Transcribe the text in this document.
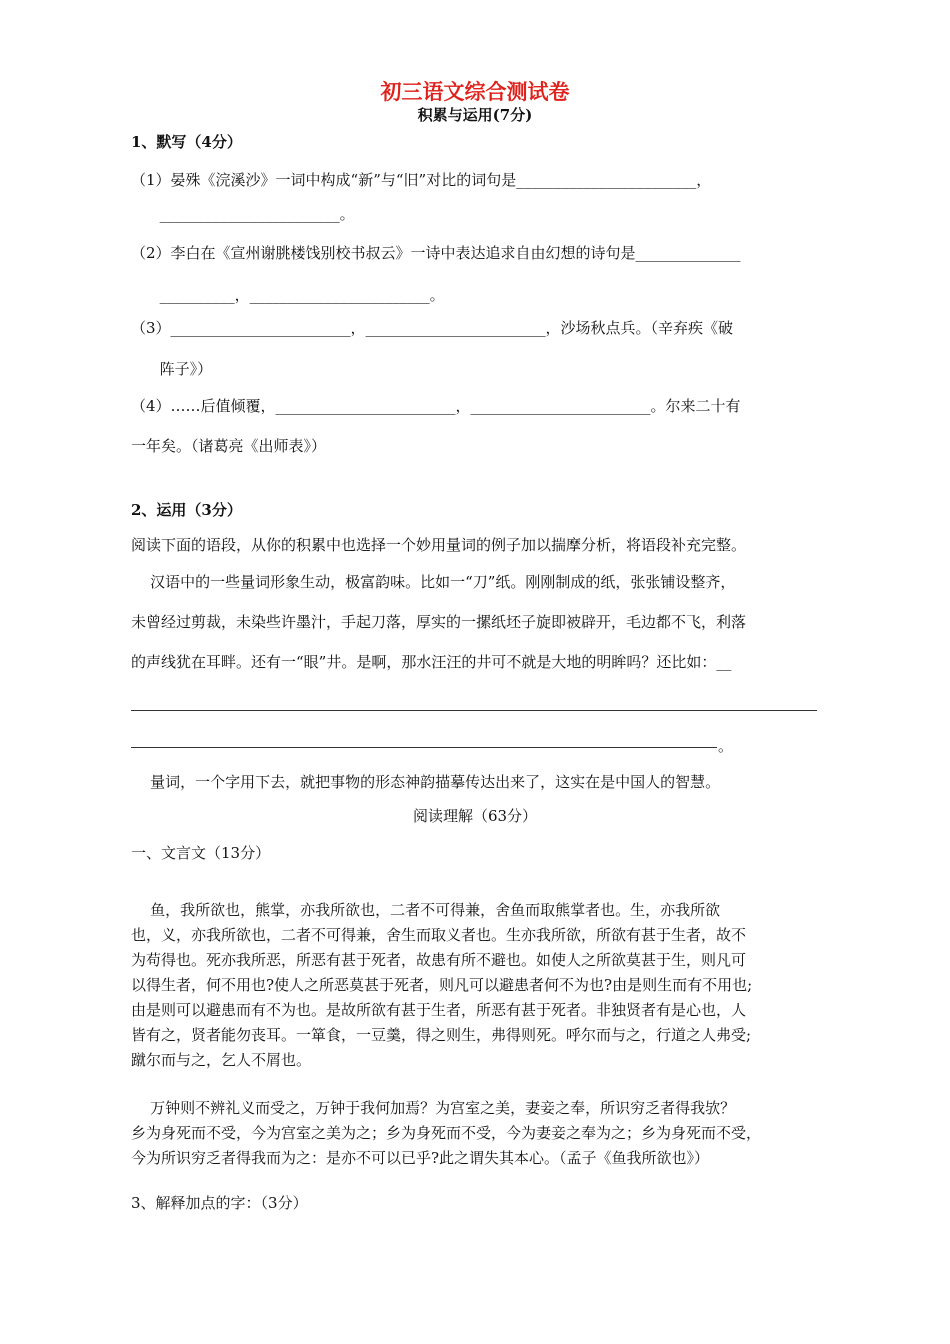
初三语文综合测试卷
积累与运用(7分)
1、默写（4分）
（1）晏殊《浣溪沙》一词中构成“新”与“旧”对比的词句是________________________，
________________________。
（2）李白在《宣州谢朓楼饯别校书叔云》一诗中表达追求自由幻想的诗句是______________
__________，________________________。
（3）________________________，________________________，沙场秋点兵。（辛弃疾《破
阵子》）
（4）……后值倾覆，________________________，________________________。尔来二十有
一年矣。（诸葛亮《出师表》）
2、运用（3分）
阅读下面的语段，从你的积累中也选择一个妙用量词的例子加以揣摩分析，将语段补充完整。
汉语中的一些量词形象生动，极富韵味。比如一“刀”纸。刚刚制成的纸，张张铺设整齐，
未曾经过剪裁，未染些许墨汁，手起刀落，厚实的一摞纸坯子旋即被辟开，毛边都不飞，利落
的声线犹在耳畔。还有一“眼”井。是啊，那水汪汪的井可不就是大地的明眸吗？还比如：__
。
量词，一个字用下去，就把事物的形态神韵描摹传达出来了，这实在是中国人的智慧。
阅读理解（63分）
一、文言文（13分）
鱼，我所欲也，熊掌，亦我所欲也，二者不可得兼，舍鱼而取熊掌者也。生，亦我所欲
也，义，亦我所欲也，二者不可得兼，舍生而取义者也。生亦我所欲，所欲有甚于生者，故不
为苟得也。死亦我所恶，所恶有甚于死者，故患有所不避也。如使人之所欲莫甚于生，则凡可
以得生者，何不用也?使人之所恶莫甚于死者，则凡可以避患者何不为也?由是则生而有不用也;
由是则可以避患而有不为也。是故所欲有甚于生者，所恶有甚于死者。非独贤者有是心也，人
皆有之，贤者能勿丧耳。一箪食，一豆羹，得之则生，弗得则死。呼尔而与之，行道之人弗受;
蹴尔而与之，乞人不屑也。
万钟则不辨礼义而受之，万钟于我何加焉？为宫室之美，妻妾之奉，所识穷乏者得我欤？
乡为身死而不受，今为宫室之美为之；乡为身死而不受，今为妻妾之奉为之；乡为身死而不受，
今为所识穷乏者得我而为之：是亦不可以已乎?此之谓失其本心。（孟子《鱼我所欲也》）
3、解释加点的字：（3分）
